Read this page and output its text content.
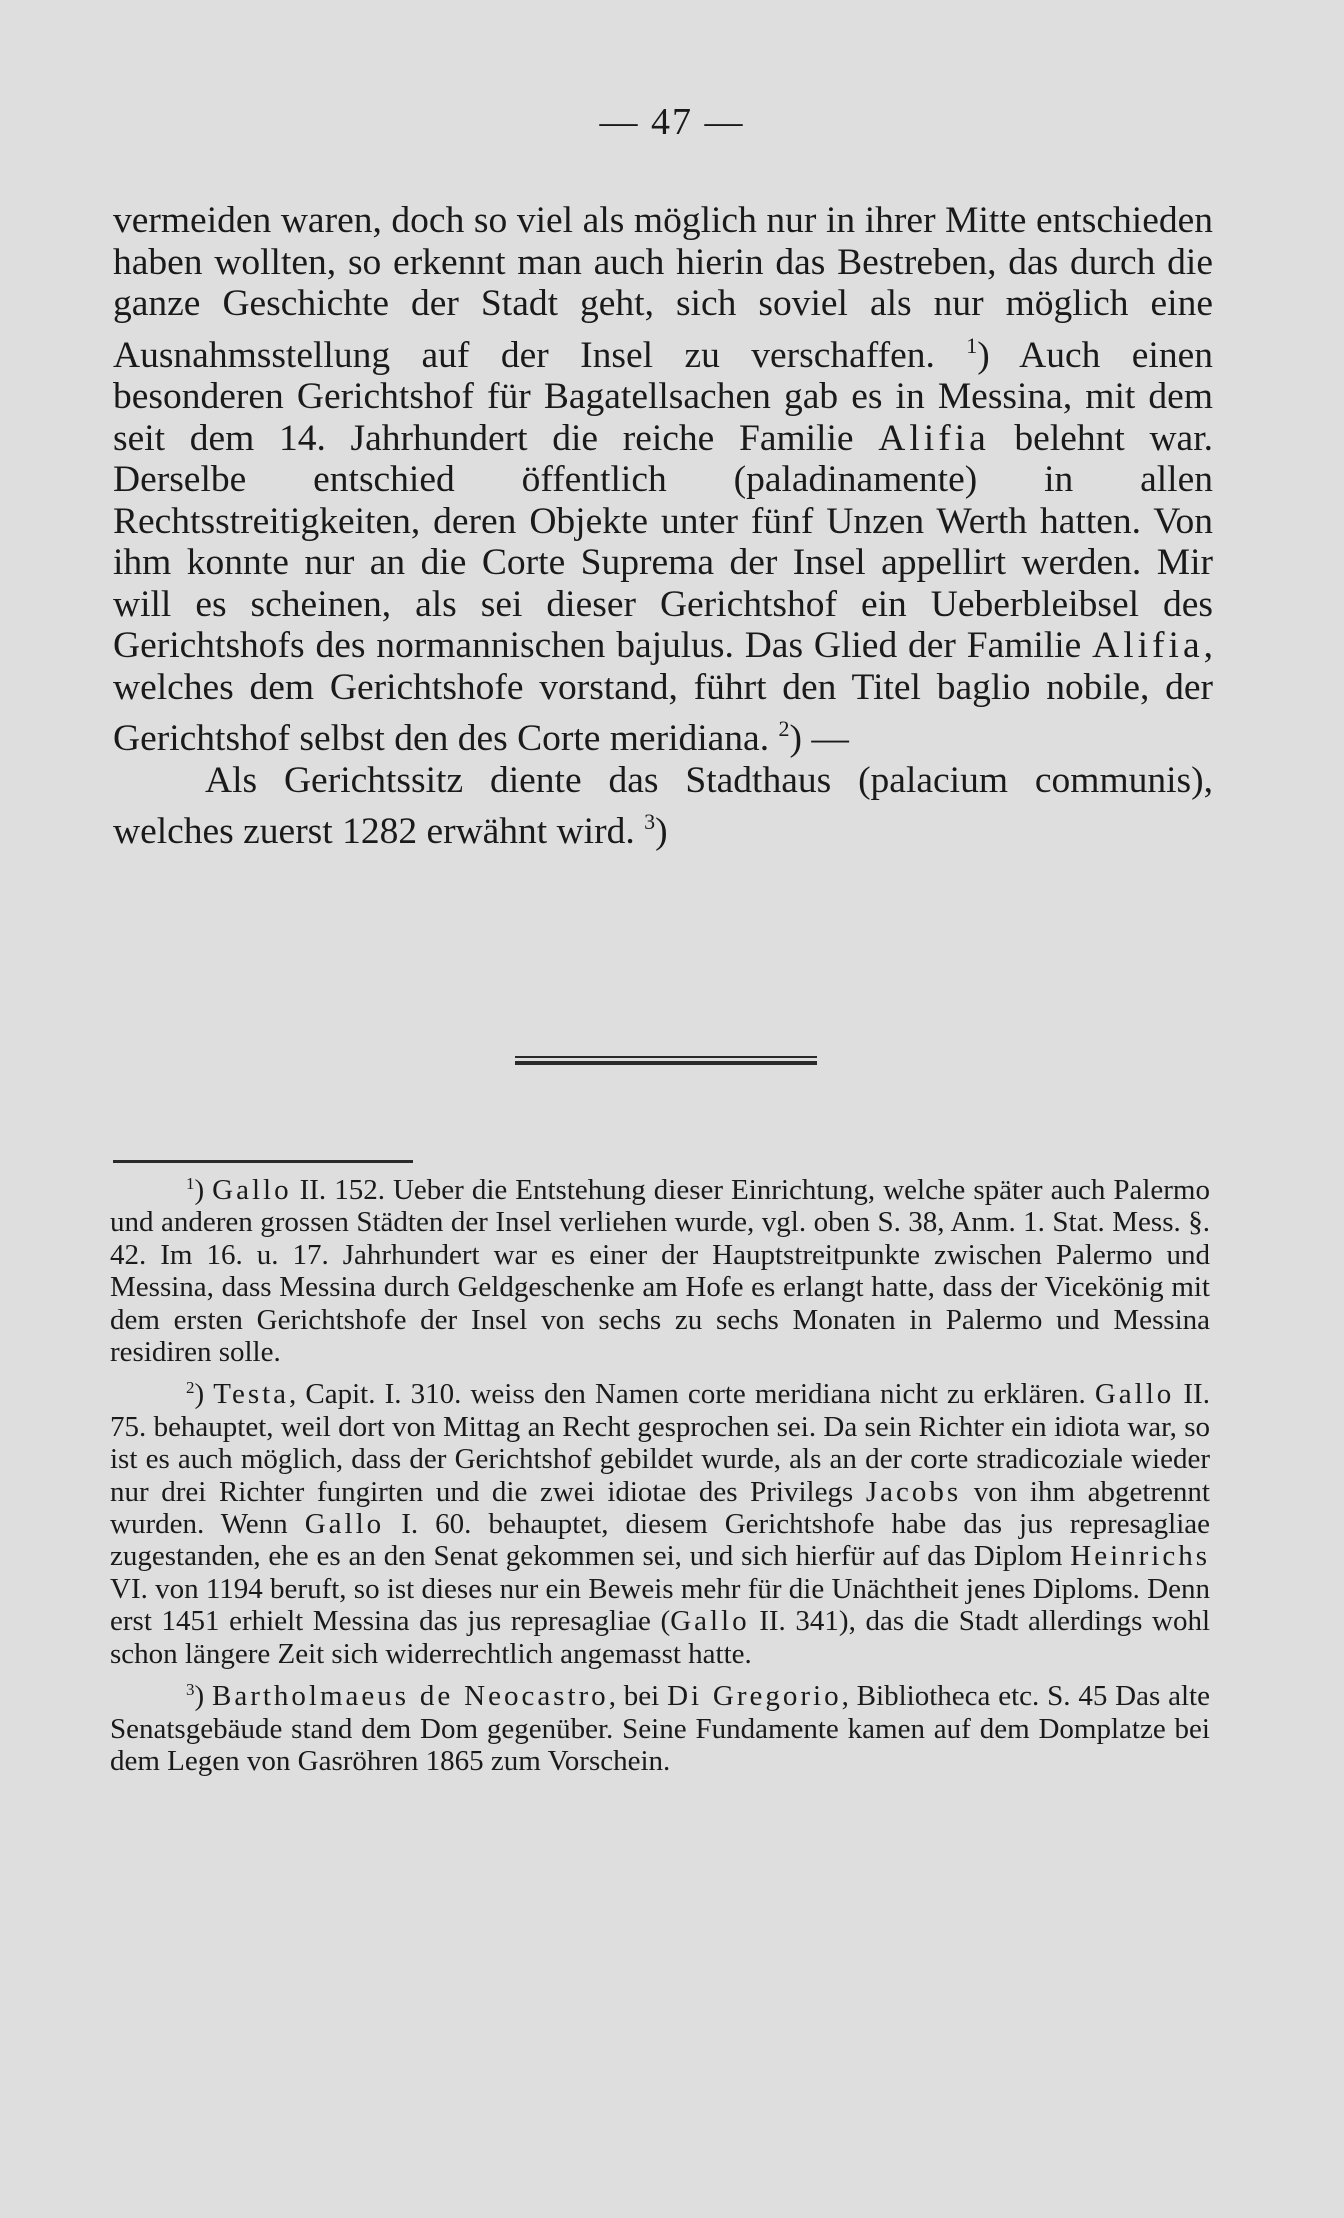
— 47 —

vermeiden waren, doch so viel als möglich nur in ihrer Mitte entschieden haben wollten, so erkennt man auch hierin das Bestreben, das durch die ganze Geschichte der Stadt geht, sich soviel als nur möglich eine Ausnahmsstellung auf der Insel zu verschaffen. $^1$) Auch einen besonderen Gerichtshof für Bagatellsachen gab es in Messina, mit dem seit dem 14. Jahrhundert die reiche Familie Alifia belehnt war. Derselbe entschied öffentlich (paladinamente) in allen Rechtsstreitigkeiten, deren Objekte unter fünf Unzen Werth hatten. Von ihm konnte nur an die Corte Suprema der Insel appellirt werden. Mir will es scheinen, als sei dieser Gerichtshof ein Ueberbleibsel des Gerichtshofs des normannischen bajulus. Das Glied der Familie Alifia, welches dem Gerichtshofe vorstand, führt den Titel baglio nobile, der Gerichtshof selbst den des Corte meridiana. $^2$) —

Als Gerichtssitz diente das Stadthaus (palacium communis), welches zuerst 1282 erwähnt wird. $^3$)

$^1$) Gallo II. 152. Ueber die Entstehung dieser Einrichtung, welche später auch Palermo und anderen grossen Städten der Insel verliehen wurde, vgl. oben S. 38, Anm. 1. Stat. Mess. §. 42. Im 16. u. 17. Jahrhundert war es einer der Hauptstreitpunkte zwischen Palermo und Messina, dass Messina durch Geldgeschenke am Hofe es erlangt hatte, dass der Vicekönig mit dem ersten Gerichtshofe der Insel von sechs zu sechs Monaten in Palermo und Messina residiren solle.

$^2$) Testa, Capit. I. 310. weiss den Namen corte meridiana nicht zu erklären. Gallo II. 75. behauptet, weil dort von Mittag an Recht gesprochen sei. Da sein Richter ein idiota war, so ist es auch möglich, dass der Gerichtshof gebildet wurde, als an der corte stradicoziale wieder nur drei Richter fungirten und die zwei idiotae des Privilegs Jacobs von ihm abgetrennt wurden. Wenn Gallo I. 60. behauptet, diesem Gerichtshofe habe das jus represagliae zugestanden, ehe es an den Senat gekommen sei, und sich hierfür auf das Diplom Heinrichs VI. von 1194 beruft, so ist dieses nur ein Beweis mehr für die Unächtheit jenes Diploms. Denn erst 1451 erhielt Messina das jus represagliae (Gallo II. 341), das die Stadt allerdings wohl schon längere Zeit sich widerrechtlich angemasst hatte.

$^3$) Bartholmaeus de Neocastro, bei Di Gregorio, Bibliotheca etc. S. 45 Das alte Senatsgebäude stand dem Dom gegenüber. Seine Fundamente kamen auf dem Domplatze bei dem Legen von Gasröhren 1865 zum Vorschein.
